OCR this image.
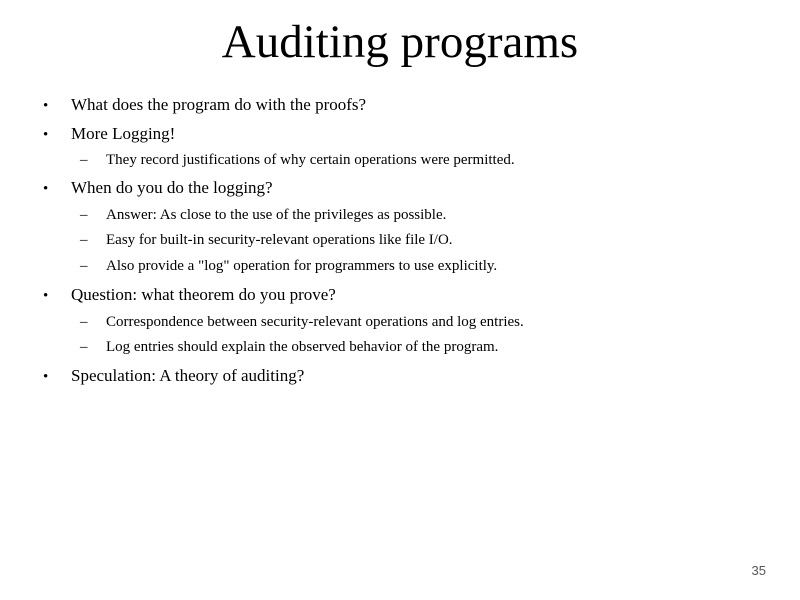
Auditing programs
• What does the program do with the proofs?
• More Logging!
– They record justifications of why certain operations were permitted.
• When do you do the logging?
– Answer: As close to the use of the privileges as possible.
– Easy for built-in security-relevant operations like file I/O.
– Also provide a "log" operation for programmers to use explicitly.
• Question: what theorem do you prove?
– Correspondence between security-relevant operations and log entries.
– Log entries should explain the observed behavior of the program.
• Speculation: A theory of auditing?
35
